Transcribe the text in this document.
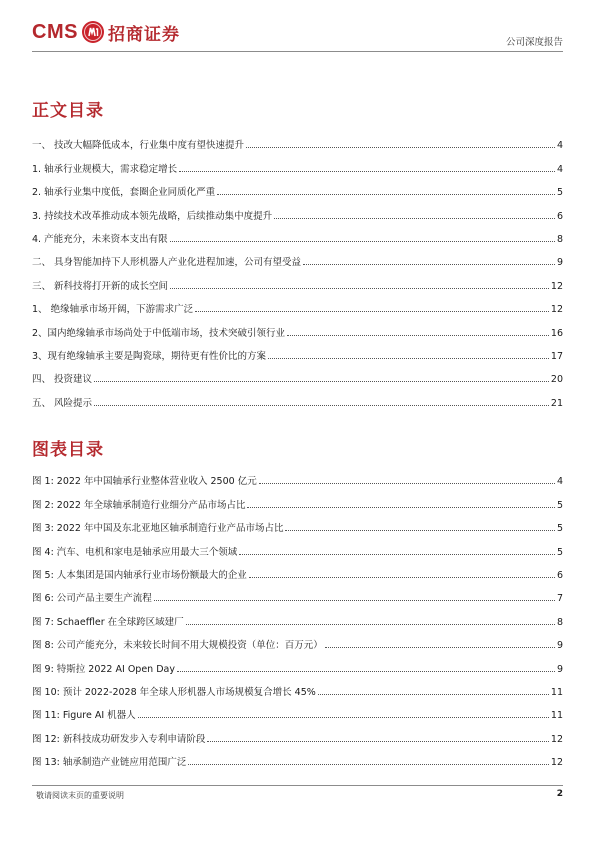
CMS 招商证券	公司深度报告
正文目录
一、 技改大幅降低成本，行业集中度有望快速提升	4
1. 轴承行业规模大，需求稳定增长	4
2. 轴承行业集中度低，套圈企业同质化严重	5
3. 持续技术改革推动成本领先战略，后续推动集中度提升	6
4. 产能充分，未来资本支出有限	8
二、 具身智能加持下人形机器人产业化进程加速，公司有望受益	9
三、 新科技将打开新的成长空间	12
1、 绝缘轴承市场开阔，下游需求广泛	12
2、国内绝缘轴承市场尚处于中低端市场，技术突破引领行业	16
3、现有绝缘轴承主要是陶瓷球，期待更有性价比的方案	17
四、 投资建议	20
五、 风险提示	21
图表目录
图 1: 2022 年中国轴承行业整体营业收入 2500 亿元	4
图 2: 2022 年全球轴承制造行业细分产品市场占比	5
图 3: 2022 年中国及东北亚地区轴承制造行业产品市场占比	5
图 4: 汽车、电机和家电是轴承应用最大三个领域	5
图 5: 人本集团是国内轴承行业市场份额最大的企业	6
图 6: 公司产品主要生产流程	7
图 7: Schaeffler 在全球跨区域建厂	8
图 8: 公司产能充分，未来较长时间不用大规模投资（单位：百万元）	9
图 9: 特斯拉 2022 AI Open Day	9
图 10: 预计 2022-2028 年全球人形机器人市场规模复合增长 45%	11
图 11: Figure AI 机器人	11
图 12: 新科技成功研发步入专利申请阶段	12
图 13: 轴承制造产业链应用范围广泛	12
敬请阅读末页的重要说明	2
